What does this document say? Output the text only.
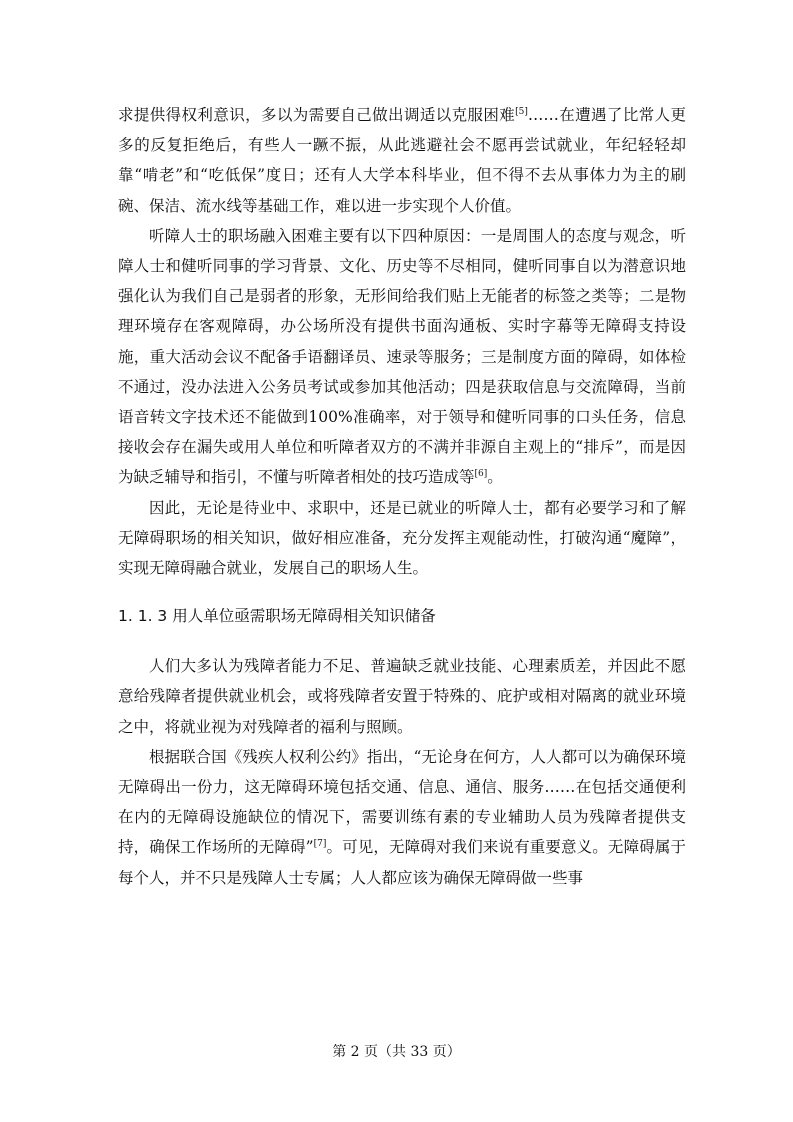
求提供得权利意识，多以为需要自己做出调适以克服困难[5]……在遭遇了比常人更多的反复拒绝后，有些人一蹶不振，从此逃避社会不愿再尝试就业，年纪轻轻却靠“啃老”和“吃低保”度日；还有人大学本科毕业，但不得不去从事体力为主的刷碗、保洁、流水线等基础工作，难以进一步实现个人价值。

听障人士的职场融入困难主要有以下四种原因：一是周围人的态度与观念，听障人士和健听同事的学习背景、文化、历史等不尽相同，健听同事自以为潜意识地强化认为我们自己是弱者的形象，无形间给我们贴上无能者的标签之类等；二是物理环境存在客观障碍，办公场所没有提供书面沟通板、实时字幕等无障碍支持设施，重大活动会议不配备手语翻译员、速录等服务；三是制度方面的障碍，如体检不通过，没办法进入公务员考试或参加其他活动；四是获取信息与交流障碍，当前语音转文字技术还不能做到100%准确率，对于领导和健听同事的口头任务，信息接收会存在漏失或用人单位和听障者双方的不满并非源自主观上的“排斥”，而是因为缺乏辅导和指引，不懂与听障者相处的技巧造成等[6]。

因此，无论是待业中、求职中，还是已就业的听障人士，都有必要学习和了解无障碍职场的相关知识，做好相应准备，充分发挥主观能动性，打破沟通“魔障”，实现无障碍融合就业，发展自己的职场人生。

1. 1. 3 用人单位亟需职场无障碍相关知识储备

人们大多认为残障者能力不足、普遍缺乏就业技能、心理素质差，并因此不愿意给残障者提供就业机会，或将残障者安置于特殊的、庇护或相对隔离的就业环境之中，将就业视为对残障者的福利与照顾。

根据联合国《残疾人权利公约》指出，“无论身在何方，人人都可以为确保环境无障碍出一份力，这无障碍环境包括交通、信息、通信、服务……在包括交通便利在内的无障碍设施缺位的情况下，需要训练有素的专业辅助人员为残障者提供支持，确保工作场所的无障碍”[7]。可见，无障碍对我们来说有重要意义。无障碍属于每个人，并不只是残障人士专属；人人都应该为确保无障碍做一些事

第 2 页（共 33 页）
